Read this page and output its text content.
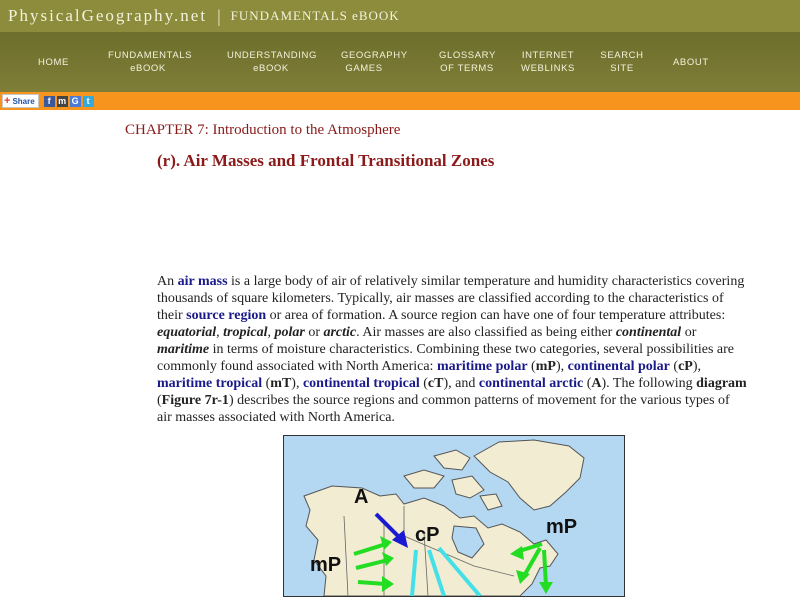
PhysicalGeography.net | FUNDAMENTALS eBOOK
HOME
FUNDAMENTALS
eBOOK
UNDERSTANDING
eBOOK
GEOGRAPHY
GAMES
GLOSSARY
OF TERMS
INTERNET
WEBLINKS
SEARCH
SITE
ABOUT
+ Share	f m G t
CHAPTER 7: Introduction to the Atmosphere
(r). Air Masses and Frontal Transitional Zones

An air mass is a large body of air of relatively similar temperature and humidity characteristics covering thousands of square kilometers. Typically, air masses are classified according to the characteristics of their source region or area of formation. A source region can have one of four temperature attributes: equatorial, tropical, polar or arctic. Air masses are also classified as being either continental or maritime in terms of moisture characteristics. Combining these two categories, several possibilities are commonly found associated with North America: maritime polar (mP), continental polar (cP), maritime tropical (mT), continental tropical (cT), and continental arctic (A). The following diagram (Figure 7r-1) describes the source regions and common patterns of movement for the various types of air masses associated with North America.

A
cP
mP
mP
